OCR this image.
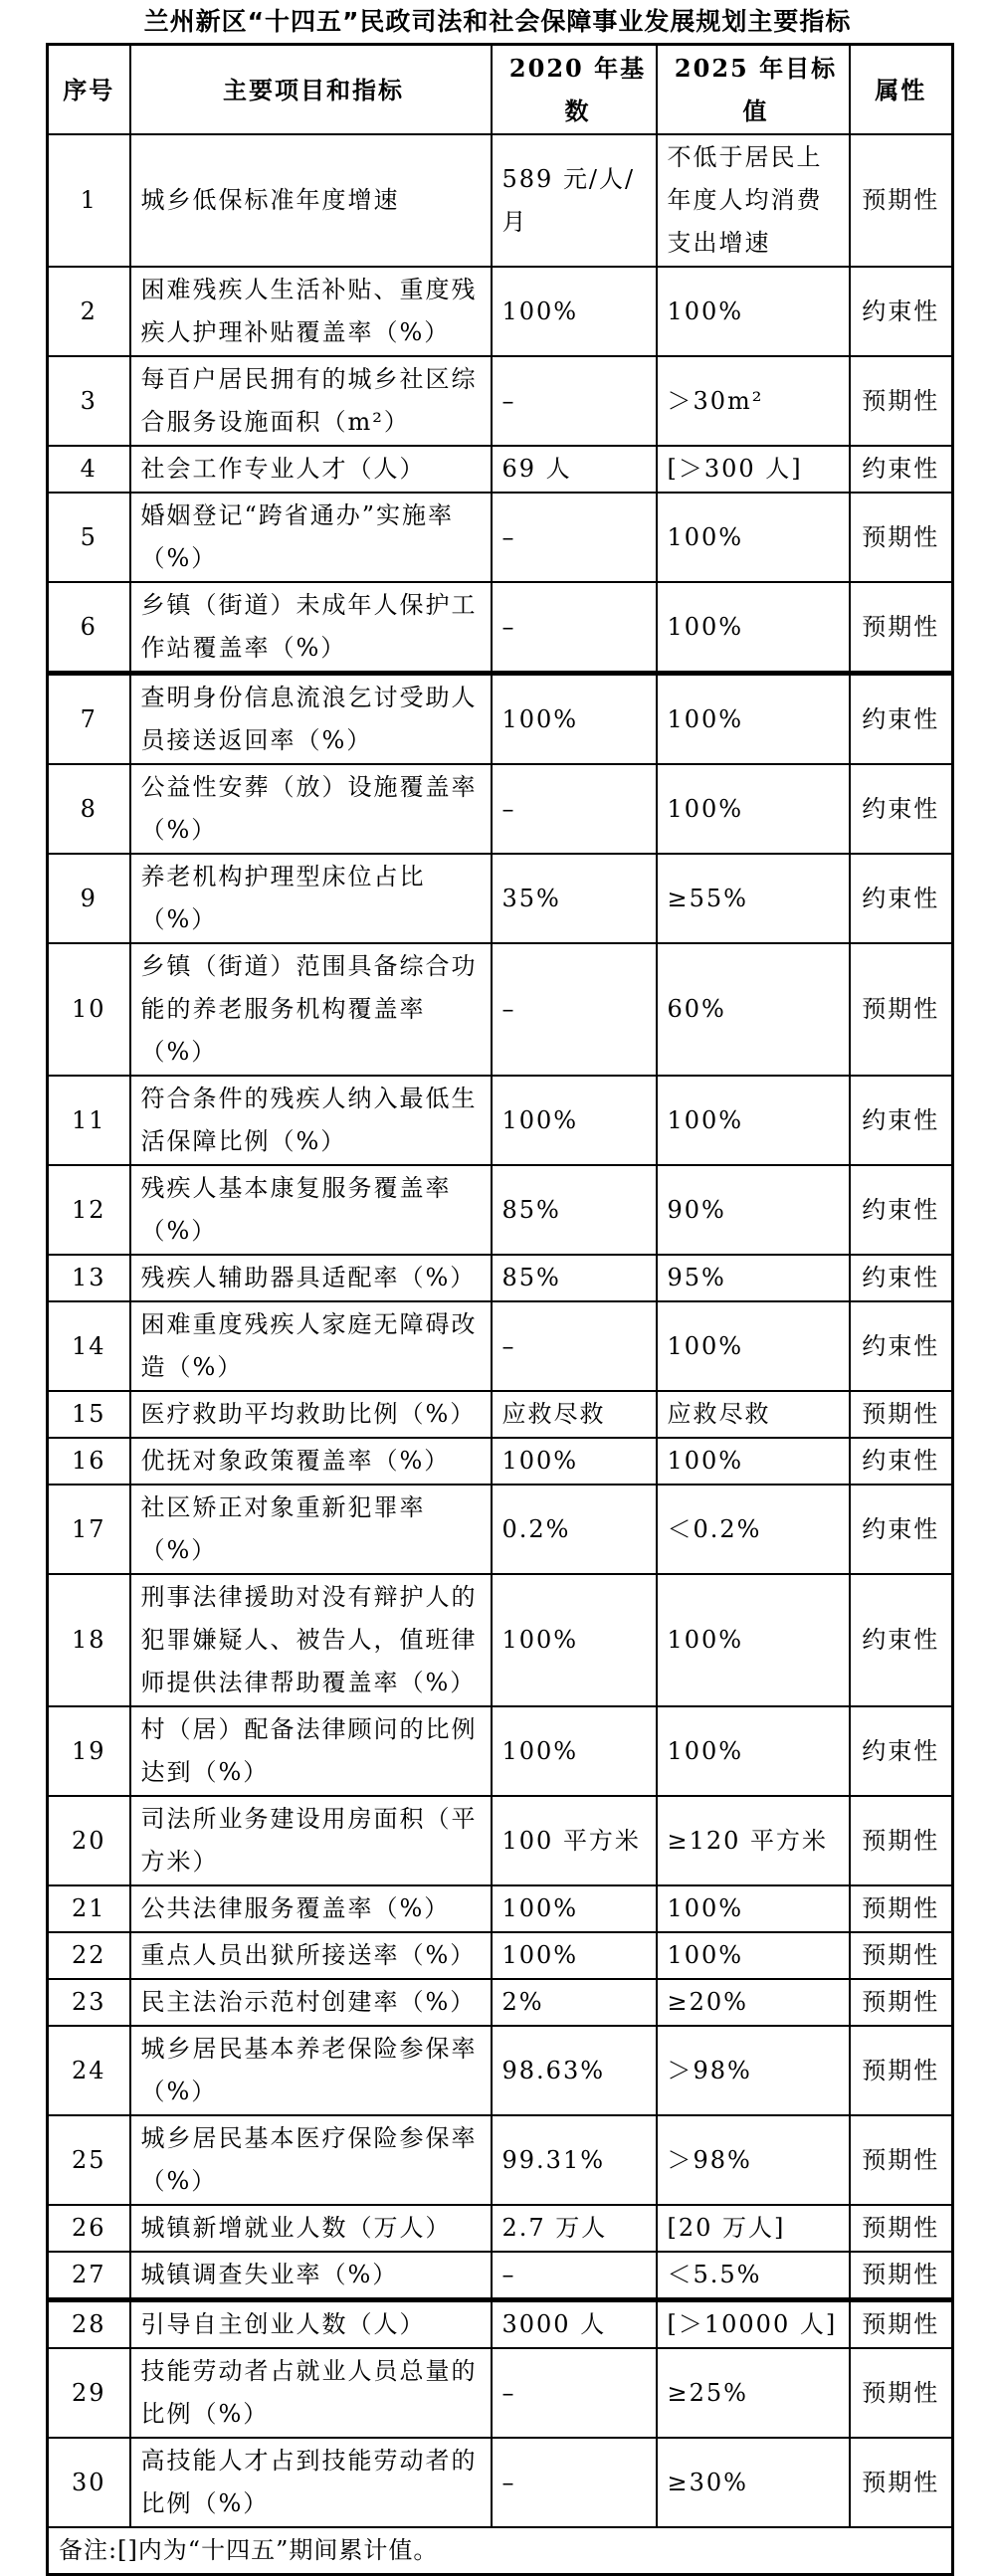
兰州新区“十四五”民政司法和社会保障事业发展规划主要指标
序号	主要项目和指标	2020 年基数	2025 年目标值	属性
1	城乡低保标准年度增速	589 元/人/月	不低于居民上年度人均消费支出增速	预期性
2	困难残疾人生活补贴、重度残疾人护理补贴覆盖率（%）	100%	100%	约束性
3	每百户居民拥有的城乡社区综合服务设施面积（m²）	–	＞30m²	预期性
4	社会工作专业人才（人）	69 人	[＞300 人]	约束性
5	婚姻登记“跨省通办”实施率（%）	–	100%	预期性
6	乡镇（街道）未成年人保护工作站覆盖率（%）	–	100%	预期性
7	查明身份信息流浪乞讨受助人员接送返回率（%）	100%	100%	约束性
8	公益性安葬（放）设施覆盖率（%）	–	100%	约束性
9	养老机构护理型床位占比（%）	35%	≥55%	约束性
10	乡镇（街道）范围具备综合功能的养老服务机构覆盖率（%）	–	60%	预期性
11	符合条件的残疾人纳入最低生活保障比例（%）	100%	100%	约束性
12	残疾人基本康复服务覆盖率（%）	85%	90%	约束性
13	残疾人辅助器具适配率（%）	85%	95%	约束性
14	困难重度残疾人家庭无障碍改造（%）	–	100%	约束性
15	医疗救助平均救助比例（%）	应救尽救	应救尽救	预期性
16	优抚对象政策覆盖率（%）	100%	100%	约束性
17	社区矫正对象重新犯罪率（%）	0.2%	＜0.2%	约束性
18	刑事法律援助对没有辩护人的犯罪嫌疑人、被告人，值班律师提供法律帮助覆盖率（%）	100%	100%	约束性
19	村（居）配备法律顾问的比例达到（%）	100%	100%	约束性
20	司法所业务建设用房面积（平方米）	100 平方米	≥120 平方米	预期性
21	公共法律服务覆盖率（%）	100%	100%	预期性
22	重点人员出狱所接送率（%）	100%	100%	预期性
23	民主法治示范村创建率（%）	2%	≥20%	预期性
24	城乡居民基本养老保险参保率（%）	98.63%	＞98%	预期性
25	城乡居民基本医疗保险参保率（%）	99.31%	＞98%	预期性
26	城镇新增就业人数（万人）	2.7 万人	[20 万人]	预期性
27	城镇调查失业率（%）	–	＜5.5%	预期性
28	引导自主创业人数（人）	3000 人	[＞10000 人]	预期性
29	技能劳动者占就业人员总量的比例（%）	–	≥25%	预期性
30	高技能人才占到技能劳动者的比例（%）	–	≥30%	预期性
备注:[]内为“十四五”期间累计值。				
